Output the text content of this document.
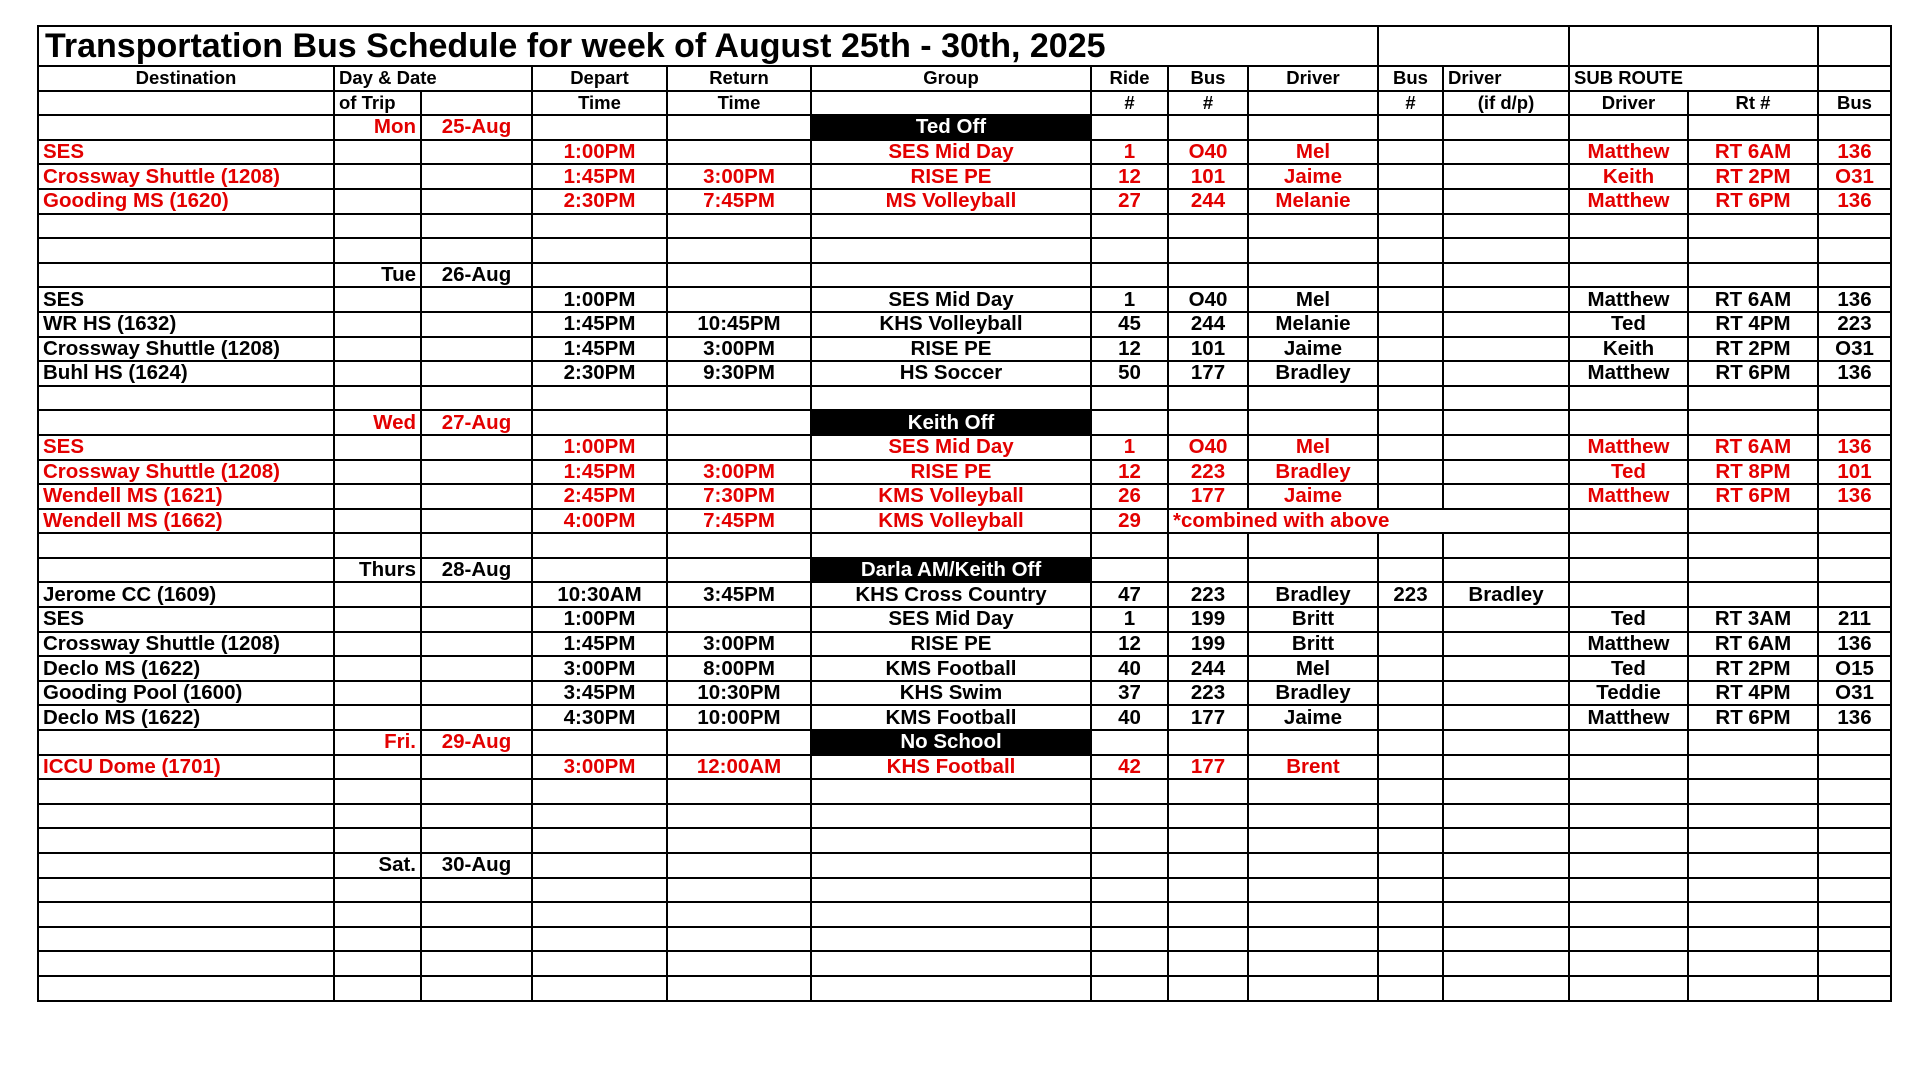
Transportation Bus Schedule for week of August 25th - 30th, 2025													
Destination	Day & Date		Depart	Return	Group	Ride	Bus	Driver	Bus	Driver	SUB ROUTE		
	of Trip		Time	Time		#	#		#	(if d/p)	Driver	Rt #	Bus
	Mon	25-Aug			Ted Off								
SES			1:00PM		SES Mid Day	1	O40	Mel			Matthew	RT 6AM	136
Crossway Shuttle (1208)			1:45PM	3:00PM	RISE PE	12	101	Jaime			Keith	RT 2PM	O31
Gooding MS (1620)			2:30PM	7:45PM	MS Volleyball	27	244	Melanie			Matthew	RT 6PM	136

	Tue	26-Aug											
SES			1:00PM		SES Mid Day	1	O40	Mel			Matthew	RT 6AM	136
WR HS (1632)			1:45PM	10:45PM	KHS Volleyball	45	244	Melanie			Ted	RT 4PM	223
Crossway Shuttle (1208)			1:45PM	3:00PM	RISE PE	12	101	Jaime			Keith	RT 2PM	O31
Buhl HS (1624)			2:30PM	9:30PM	HS Soccer	50	177	Bradley			Matthew	RT 6PM	136

	Wed	27-Aug			Keith Off								
SES			1:00PM		SES Mid Day	1	O40	Mel			Matthew	RT 6AM	136
Crossway Shuttle (1208)			1:45PM	3:00PM	RISE PE	12	223	Bradley			Ted	RT 8PM	101
Wendell MS (1621)			2:45PM	7:30PM	KMS Volleyball	26	177	Jaime			Matthew	RT 6PM	136
Wendell MS (1662)			4:00PM	7:45PM	KMS Volleyball	29	*combined with above						

	Thurs	28-Aug			Darla AM/Keith Off								
Jerome CC (1609)			10:30AM	3:45PM	KHS Cross Country	47	223	Bradley	223	Bradley			
SES			1:00PM		SES Mid Day	1	199	Britt			Ted	RT 3AM	211
Crossway Shuttle (1208)			1:45PM	3:00PM	RISE PE	12	199	Britt			Matthew	RT 6AM	136
Declo MS (1622)			3:00PM	8:00PM	KMS Football	40	244	Mel			Ted	RT 2PM	O15
Gooding Pool (1600)			3:45PM	10:30PM	KHS Swim	37	223	Bradley			Teddie	RT 4PM	O31
Declo MS (1622)			4:30PM	10:00PM	KMS Football	40	177	Jaime			Matthew	RT 6PM	136
	Fri.	29-Aug			No School								
ICCU Dome (1701)			3:00PM	12:00AM	KHS Football	42	177	Brent					

	Sat.	30-Aug											
